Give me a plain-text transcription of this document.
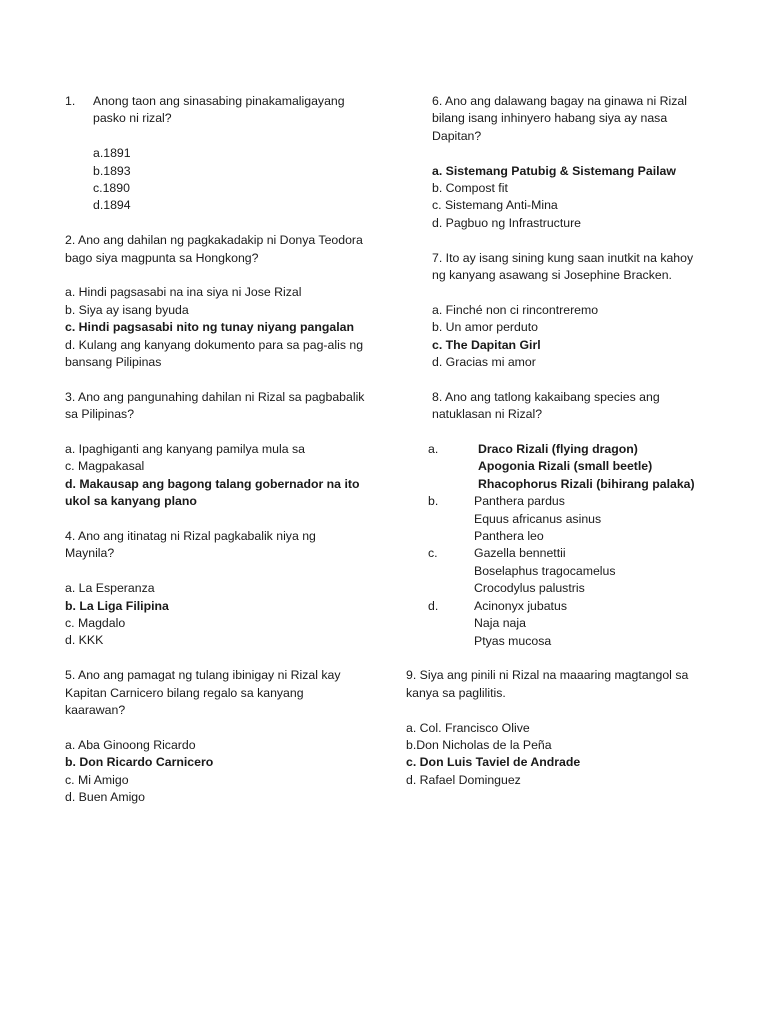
1. Anong taon ang sinasabing pinakamaligayang pasko ni rizal?
a.1891
b.1893
c.1890
d.1894
2. Ano ang dahilan ng pagkakadakip ni Donya Teodora bago siya magpunta sa Hongkong?
a. Hindi pagsasabi na ina siya ni Jose Rizal
b. Siya ay isang byuda
c. Hindi pagsasabi nito ng tunay niyang pangalan
d. Kulang ang kanyang dokumento para sa pag-alis ng bansang Pilipinas
3. Ano ang pangunahing dahilan ni Rizal sa pagbabalik sa Pilipinas?
a. Ipaghiganti ang kanyang pamilya mula sa
c. Magpakasal
d. Makausap ang bagong talang gobernador na ito ukol sa kanyang plano
4. Ano ang itinatag ni Rizal pagkabalik niya ng Maynila?
a. La Esperanza
b. La Liga Filipina
c. Magdalo
d. KKK
5. Ano ang pamagat ng tulang ibinigay ni Rizal kay Kapitan Carnicero bilang regalo sa kanyang kaarawan?
a. Aba Ginoong Ricardo
b. Don Ricardo Carnicero
c. Mi Amigo
d. Buen Amigo
6. Ano ang dalawang bagay na ginawa ni Rizal bilang isang inhinyero habang siya ay nasa Dapitan?
a. Sistemang Patubig & Sistemang Pailaw
b. Compost fit
c. Sistemang Anti-Mina
d. Pagbuo ng Infrastructure
7. Ito ay isang sining kung saan inutkit na kahoy ng kanyang asawang si Josephine Bracken.
a. Finché non ci rincontreremo
b. Un amor perduto
c. The Dapitan Girl
d. Gracias mi amor
8. Ano ang tatlong kakaibang species ang natuklasan ni Rizal?
a.	Draco Rizali (flying dragon)
Apogonia Rizali (small beetle)
Rhacophorus Rizali (bihirang palaka)
b.	Panthera pardus
Equus africanus asinus
Panthera leo
c.	Gazella bennettii
Boselaphus tragocamelus
Crocodylus palustris
d.	Acinonyx jubatus
Naja naja
Ptyas mucosa
9. Siya ang pinili ni Rizal na maaaring magtangol sa kanya sa paglilitis.
a. Col. Francisco Olive
b.Don Nicholas de la Peña
c. Don Luis Taviel de Andrade
d. Rafael Dominguez
